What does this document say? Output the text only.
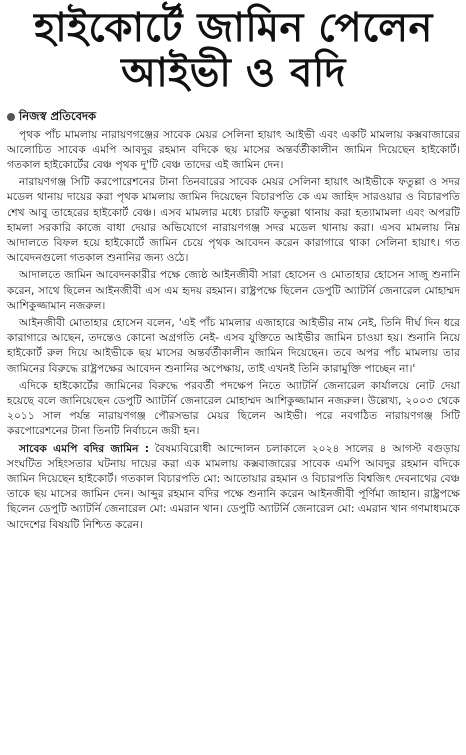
হাইকোর্টে জামিন পেলেন
আইভী ও বদি
নিজস্ব প্রতিবেদক

পৃথক পাঁচ মামলায় নারায়ণগঞ্জের সাবেক মেয়র সেলিনা হায়াৎ আইভী এবং একটি মামলায় কক্সবাজারের আলোচিত সাবেক এমপি আবদুর রহমান বদিকে ছয় মাসের অন্তর্বর্তীকালীন জামিন দিয়েছেন হাইকোর্ট। গতকাল হাইকোর্টের বেঞ্চ পৃথক দু'টি বেঞ্চ তাদের এই জামিন দেন।

নারায়ণগঞ্জ সিটি করপোরেশনের টানা তিনবারের সাবেক মেয়র সেলিনা হায়াৎ আইভীকে ফতুল্লা ও সদর মডেল থানায় দায়ের করা পৃথক মামলায় জামিন দিয়েছেন বিচারপতি কে এম জাহিদ সারওয়ার ও বিচারপতি শেখ আবু তাহেরের হাইকোর্ট বেঞ্চ। এসব মামলার মধ্যে চারটি ফতুল্লা থানায় করা হত্যামামলা এবং অপরটি হামলা সরকারি কাজে বাধা দেয়ার অভিযোগে নারায়ণগঞ্জ সদর মডেল থানায় করা। এসব মামলায় নিম্ন আদালতে বিফল হয়ে হাইকোর্টে জামিন চেয়ে পৃথক আবেদন করেন কারাগারে থাকা সেলিনা হায়াৎ। গত আবেদনগুলো গতকাল শুনানির জন্য ওঠে।

আদালতে জামিন আবেদনকারীর পক্ষে জ্যেষ্ঠ আইনজীবী সারা হোসেন ও মোতাহার হোসেন সাজু শুনানি করেন, সাথে ছিলেন আইনজীবী এস এম হৃদয় রহমান। রাষ্ট্রপক্ষে ছিলেন ডেপুটি অ্যাটর্নি জেনারেল মোহাম্মদ আশিকুজ্জামান নজরুল।

আইনজীবী মোতাহার হোসেন বলেন, 'এই পাঁচ মামলার এজাহারে আইভীর নাম নেই, তিনি দীর্ঘ দিন ধরে কারাগারে আছেন, তদন্তেও কোনো অগ্রগতি নেই- এসব যুক্তিতে আইভীর জামিন চাওয়া হয়। শুনানি নিয়ে হাইকোর্ট রুল দিয়ে আইভীকে ছয় মাসের অন্তর্বর্তীকালীন জামিন দিয়েছেন। তবে অপর পাঁচ মামলায় তার জামিনের বিরুদ্ধে রাষ্ট্রপক্ষের আবেদন শুনানির অপেক্ষায়, তাই এখনই তিনি কারামুক্তি পাচ্ছেন না।'

এদিকে হাইকোর্টের জামিনের বিরুদ্ধে পরবর্তী পদক্ষেপ নিতে অ্যাটর্নি জেনারেল কার্যালয়ে নোট দেয়া হয়েছে বলে জানিয়েছেন ডেপুটি অ্যাটর্নি জেনারেল মোহাম্মদ আশিকুজ্জামান নজরুল। উল্লেখ্য, ২০০৩ থেকে ২০১১ সাল পর্যন্ত নারায়ণগঞ্জ পৌরসভার মেয়র ছিলেন আইভী। পরে নবগঠিত নারায়ণগঞ্জ সিটি করপোরেশনের টানা তিনটি নির্বাচনে জয়ী হন।

সাবেক এমপি বদির জামিন : বৈষম্যবিরোধী আন্দোলন চলাকালে ২০২৪ সালের ৪ আগস্ট বগুড়ায় সংঘটিত সহিংসতার ঘটনায় দায়ের করা এক মামলায় কক্সবাজারের সাবেক এমপি আবদুর রহমান বদিকে জামিন দিয়েছেন হাইকোর্ট। গতকাল বিচারপতি মো: আতোয়ার রহমান ও বিচারপতি বিশ্বজিৎ দেবনাথের বেঞ্চ তাকে ছয় মাসের জামিন দেন। আব্দুর রহমান বদির পক্ষে শুনানি করেন আইনজীবী পূর্ণিমা জাহান। রাষ্ট্রপক্ষে ছিলেন ডেপুটি অ্যাটর্নি জেনারেল মো: এমরান খান। ডেপুটি অ্যাটর্নি জেনারেল মো: এমরান খান গণমাধ্যমকে আদেশের বিষয়টি নিশ্চিত করেন।
